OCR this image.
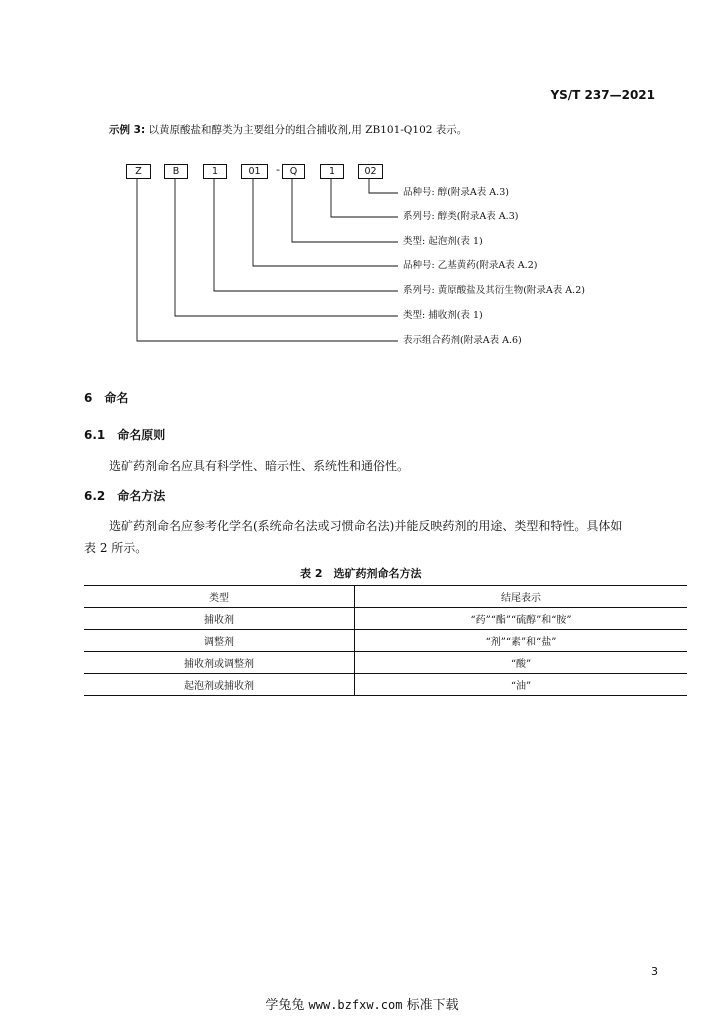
YS/T 237—2021
示例 3: 以黄原酸盐和醇类为主要组分的组合捕收剂,用 ZB101-Q102 表示。
Z	B	1	01	-	Q	1	02
品种号: 醇(附录A表 A.3)
系列号: 醇类(附录A表 A.3)
类型: 起泡剂(表 1)
品种号: 乙基黄药(附录A表 A.2)
系列号: 黄原酸盐及其衍生物(附录A表 A.2)
类型: 捕收剂(表 1)
表示组合药剂(附录A表 A.6)
6　命名
6.1　命名原则
选矿药剂命名应具有科学性、暗示性、系统性和通俗性。
6.2　命名方法
选矿药剂命名应参考化学名(系统命名法或习惯命名法)并能反映药剂的用途、类型和特性。具体如
表 2 所示。
表 2　选矿药剂命名方法
类型	结尾表示
捕收剂	“药”“酯”“硫醇”和“胺”
调整剂	“剂”“素”和“盐”
捕收剂或调整剂	“酸”
起泡剂或捕收剂	“油”
3
学兔兔 www.bzfxw.com 标准下载
